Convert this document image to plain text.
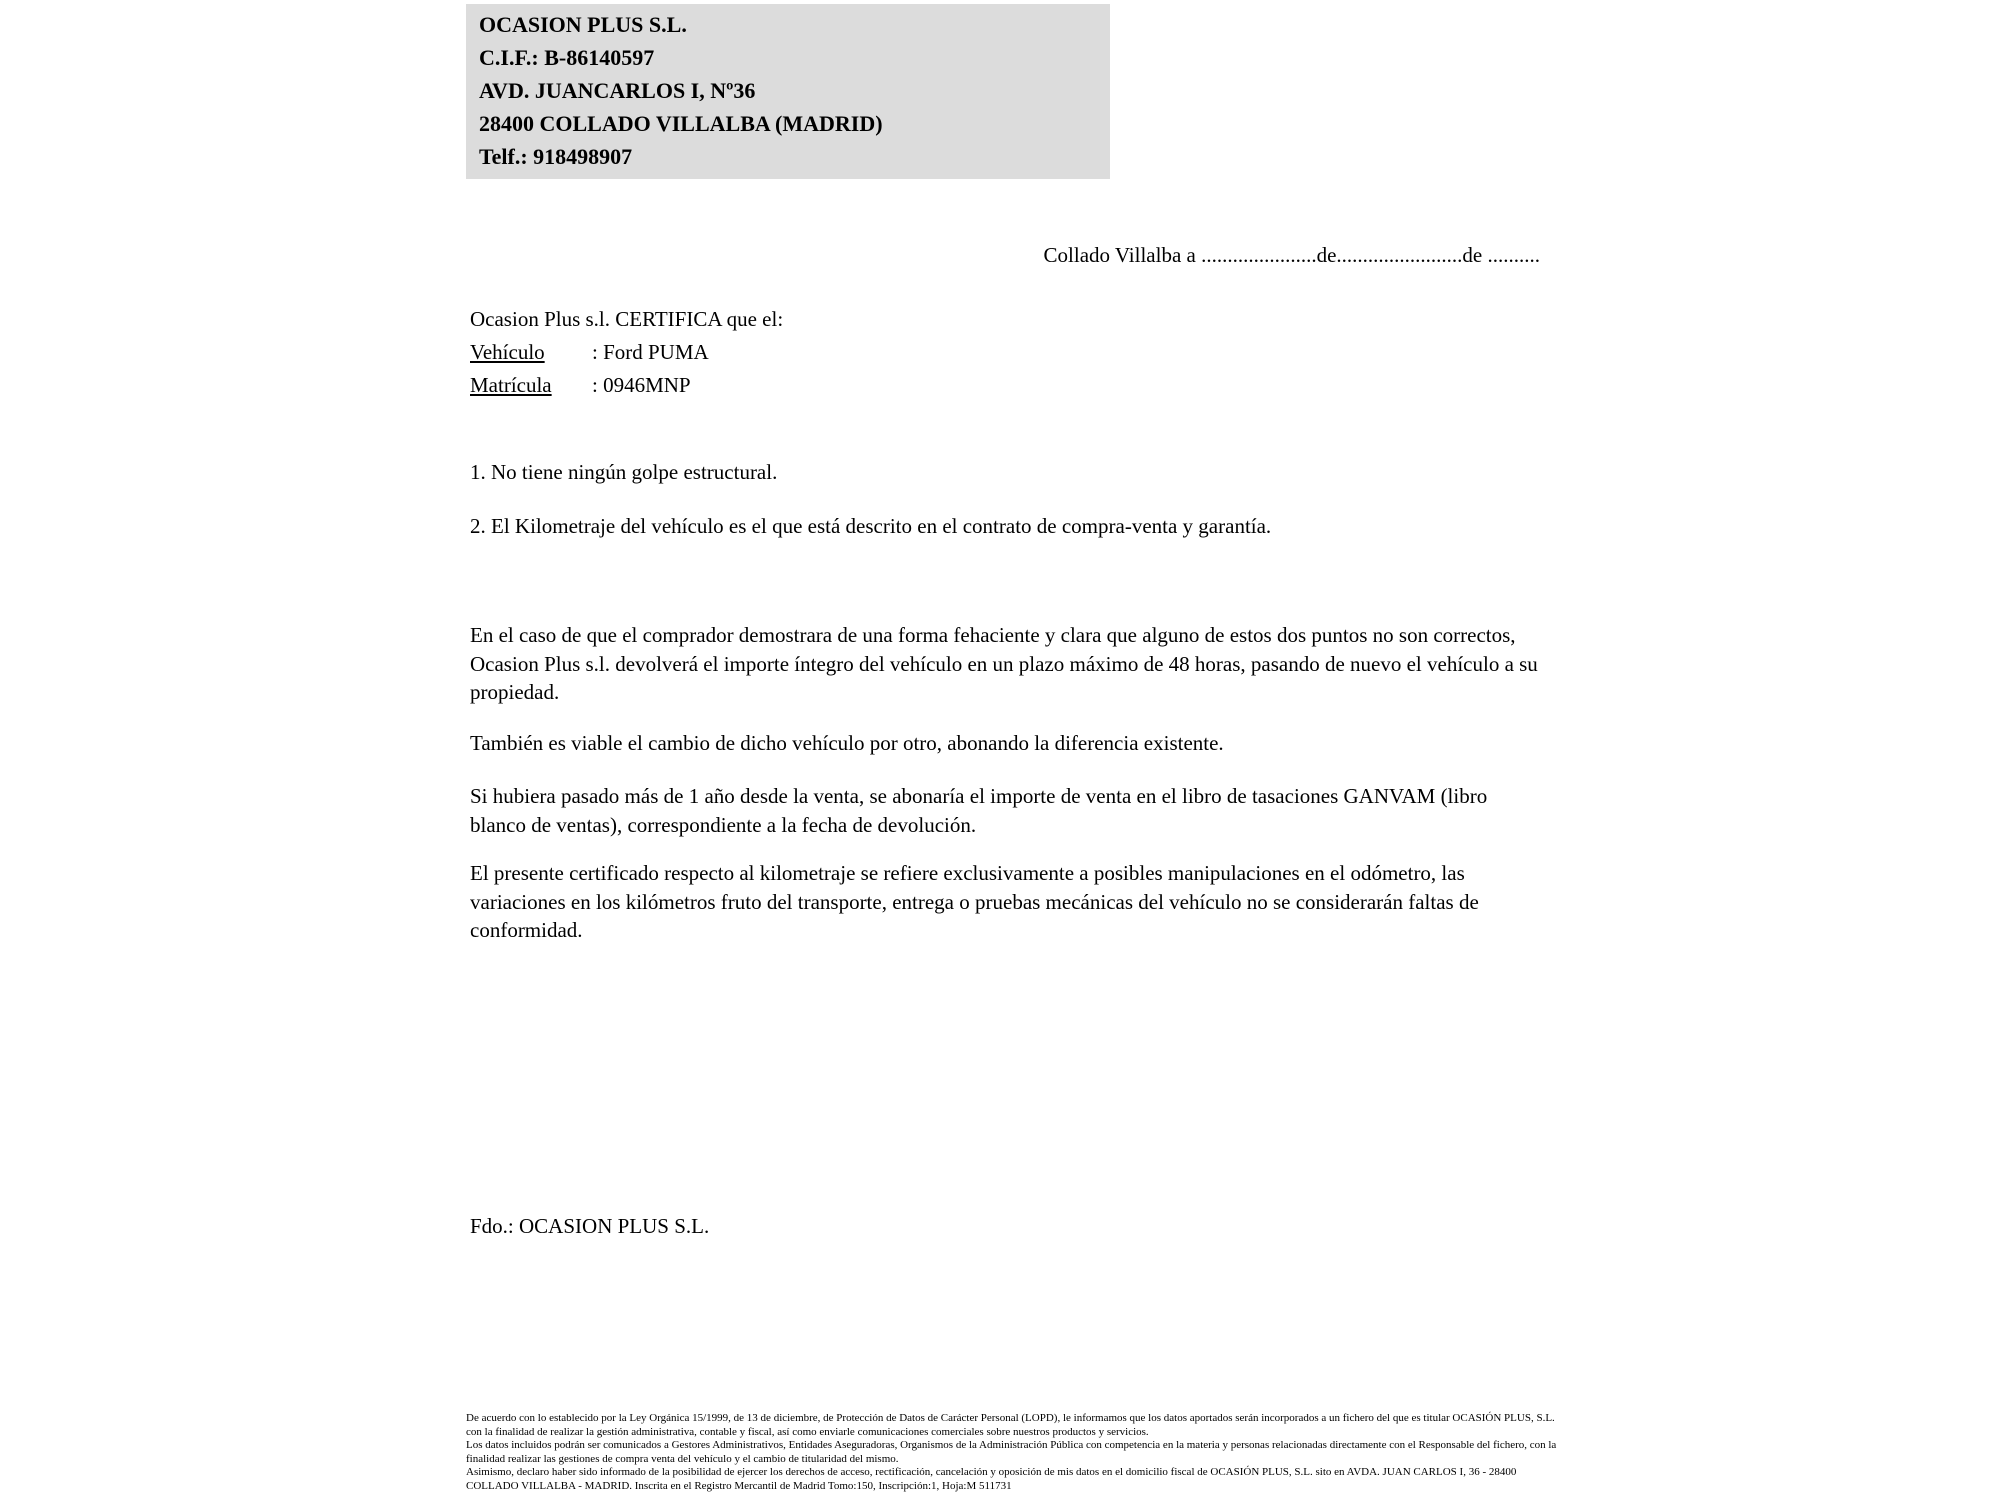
OCASION PLUS S.L.
C.I.F.: B-86140597
AVD. JUANCARLOS I, Nº36
28400 COLLADO VILLALBA (MADRID)
Telf.: 918498907
Collado Villalba a ......................de........................de ..........
Ocasion Plus s.l. CERTIFICA que el:
Vehículo : Ford PUMA
Matrícula : 0946MNP

1. No tiene ningún golpe estructural.

2. El Kilometraje del vehículo es el que está descrito en el contrato de compra-venta y garantía.

En el caso de que el comprador demostrara de una forma fehaciente y clara que alguno de estos dos puntos no son correctos, Ocasion Plus s.l. devolverá el importe íntegro del vehículo en un plazo máximo de 48 horas, pasando de nuevo el vehículo a su propiedad.

También es viable el cambio de dicho vehículo por otro, abonando la diferencia existente.

Si hubiera pasado más de 1 año desde la venta, se abonaría el importe de venta en el libro de tasaciones GANVAM (libro blanco de ventas), correspondiente a la fecha de devolución.

El presente certificado respecto al kilometraje se refiere exclusivamente a posibles manipulaciones en el odómetro, las variaciones en los kilómetros fruto del transporte, entrega o pruebas mecánicas del vehículo no se considerarán faltas de conformidad.

Fdo.: OCASION PLUS S.L.

De acuerdo con lo establecido por la Ley Orgánica 15/1999, de 13 de diciembre, de Protección de Datos de Carácter Personal (LOPD), le informamos que los datos aportados serán incorporados a un fichero del que es titular OCASIÓN PLUS, S.L. con la finalidad de realizar la gestión administrativa, contable y fiscal, así como enviarle comunicaciones comerciales sobre nuestros productos y servicios.

Los datos incluidos podrán ser comunicados a Gestores Administrativos, Entidades Aseguradoras, Organismos de la Administración Pública con competencia en la materia y personas relacionadas directamente con el Responsable del fichero, con la finalidad realizar las gestiones de compra venta del vehículo y el cambio de titularidad del mismo.

Asimismo, declaro haber sido informado de la posibilidad de ejercer los derechos de acceso, rectificación, cancelación y oposición de mis datos en el domicilio fiscal de OCASIÓN PLUS, S.L. sito en AVDA. JUAN CARLOS I, 36 - 28400 COLLADO VILLALBA - MADRID. Inscrita en el Registro Mercantil de Madrid Tomo:150, Inscripción:1, Hoja:M 511731
